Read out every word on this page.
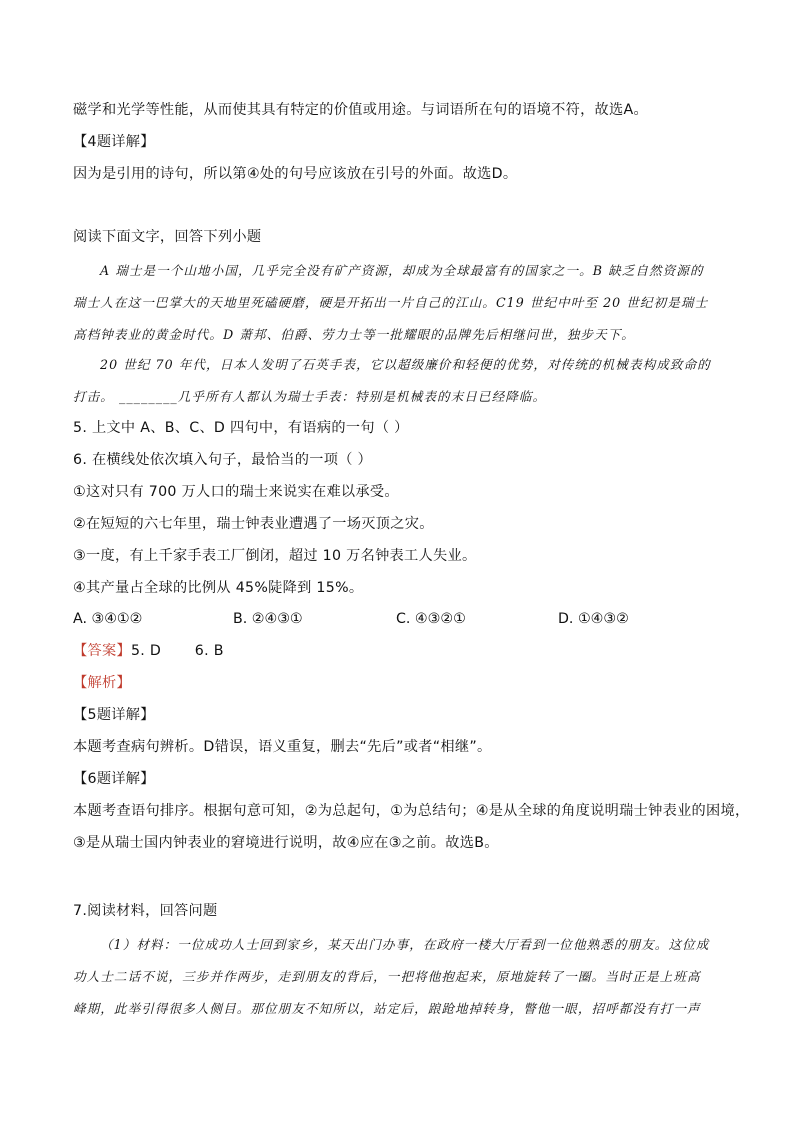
磁学和光学等性能，从而使其具有特定的价值或用途。与词语所在句的语境不符，故选A。
【4题详解】
因为是引用的诗句，所以第④处的句号应该放在引号的外面。故选D。
阅读下面文字，回答下列小题
A 瑞士是一个山地小国，几乎完全没有矿产资源，却成为全球最富有的国家之一。B 缺乏自然资源的
瑞士人在这一巴掌大的天地里死磕硬磨，硬是开拓出一片自己的江山。C19 世纪中叶至 20 世纪初是瑞士
高档钟表业的黄金时代。D 萧邦、伯爵、劳力士等一批耀眼的品牌先后相继问世，独步天下。
20 世纪 70 年代，日本人发明了石英手表，它以超级廉价和轻便的优势，对传统的机械表构成致命的
打击。 ________几乎所有人都认为瑞士手表：特别是机械表的末日已经降临。
5. 上文中 A、B、C、D 四句中，有语病的一句（ ）
6. 在横线处依次填入句子，最恰当的一项（ ）
①这对只有 700 万人口的瑞士来说实在难以承受。
②在短短的六七年里，瑞士钟表业遭遇了一场灭顶之灾。
③一度，有上千家手表工厂倒闭，超过 10 万名钟表工人失业。
④其产量占全球的比例从 45%陡降到 15%。
A. ③④①②	B. ②④③①	C. ④③②①	D. ①④③②
【答案】5. D       6. B
【解析】
【5题详解】
本题考查病句辨析。D错误，语义重复，删去“先后”或者“相继”。
【6题详解】
本题考查语句排序。根据句意可知，②为总起句，①为总结句；④是从全球的角度说明瑞士钟表业的困境，
③是从瑞士国内钟表业的窘境进行说明，故④应在③之前。故选B。
7.阅读材料，回答问题
（1）材料：一位成功人士回到家乡，某天出门办事，在政府一楼大厅看到一位他熟悉的朋友。这位成
功人士二话不说，三步并作两步，走到朋友的背后，一把将他抱起来，原地旋转了一圈。当时正是上班高
峰期，此举引得很多人侧目。那位朋友不知所以，站定后，踉跄地掉转身，瞥他一眼，招呼都没有打一声
